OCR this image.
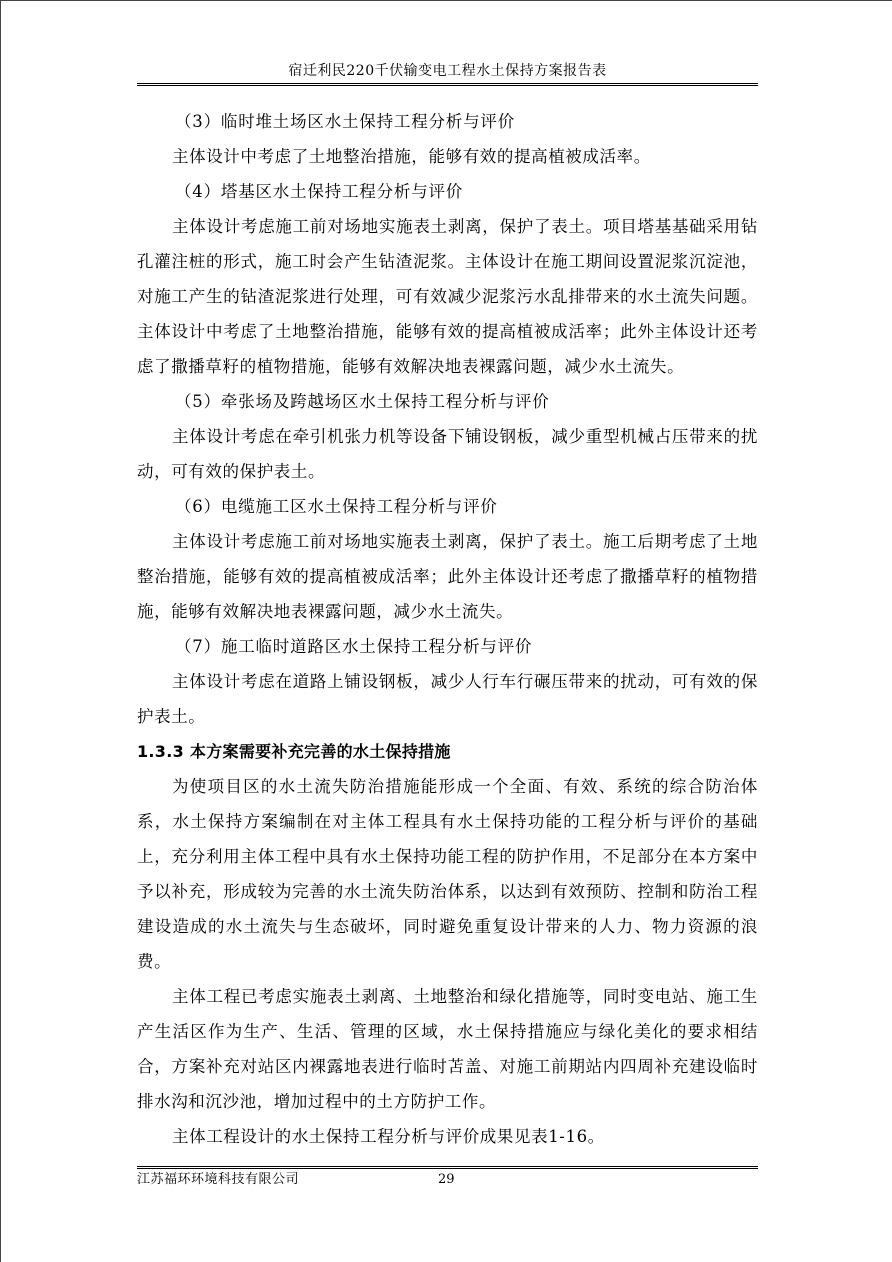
宿迁利民220千伏输变电工程水土保持方案报告表

（3）临时堆土场区水土保持工程分析与评价

主体设计中考虑了土地整治措施，能够有效的提高植被成活率。

（4）塔基区水土保持工程分析与评价

主体设计考虑施工前对场地实施表土剥离，保护了表土。项目塔基基础采用钻孔灌注桩的形式，施工时会产生钻渣泥浆。主体设计在施工期间设置泥浆沉淀池，对施工产生的钻渣泥浆进行处理，可有效减少泥浆污水乱排带来的水土流失问题。主体设计中考虑了土地整治措施，能够有效的提高植被成活率；此外主体设计还考虑了撒播草籽的植物措施，能够有效解决地表裸露问题，减少水土流失。

（5）牵张场及跨越场区水土保持工程分析与评价

主体设计考虑在牵引机张力机等设备下铺设钢板，减少重型机械占压带来的扰动，可有效的保护表土。

（6）电缆施工区水土保持工程分析与评价

主体设计考虑施工前对场地实施表土剥离，保护了表土。施工后期考虑了土地整治措施，能够有效的提高植被成活率；此外主体设计还考虑了撒播草籽的植物措施，能够有效解决地表裸露问题，减少水土流失。

（7）施工临时道路区水土保持工程分析与评价

主体设计考虑在道路上铺设钢板，减少人行车行碾压带来的扰动，可有效的保护表土。

1.3.3 本方案需要补充完善的水土保持措施

为使项目区的水土流失防治措施能形成一个全面、有效、系统的综合防治体系，水土保持方案编制在对主体工程具有水土保持功能的工程分析与评价的基础上，充分利用主体工程中具有水土保持功能工程的防护作用，不足部分在本方案中予以补充，形成较为完善的水土流失防治体系，以达到有效预防、控制和防治工程建设造成的水土流失与生态破坏，同时避免重复设计带来的人力、物力资源的浪费。

主体工程已考虑实施表土剥离、土地整治和绿化措施等，同时变电站、施工生产生活区作为生产、生活、管理的区域，水土保持措施应与绿化美化的要求相结合，方案补充对站区内裸露地表进行临时苫盖、对施工前期站内四周补充建设临时排水沟和沉沙池，增加过程中的土方防护工作。

主体工程设计的水土保持工程分析与评价成果见表1-16。

江苏福环环境科技有限公司	29
